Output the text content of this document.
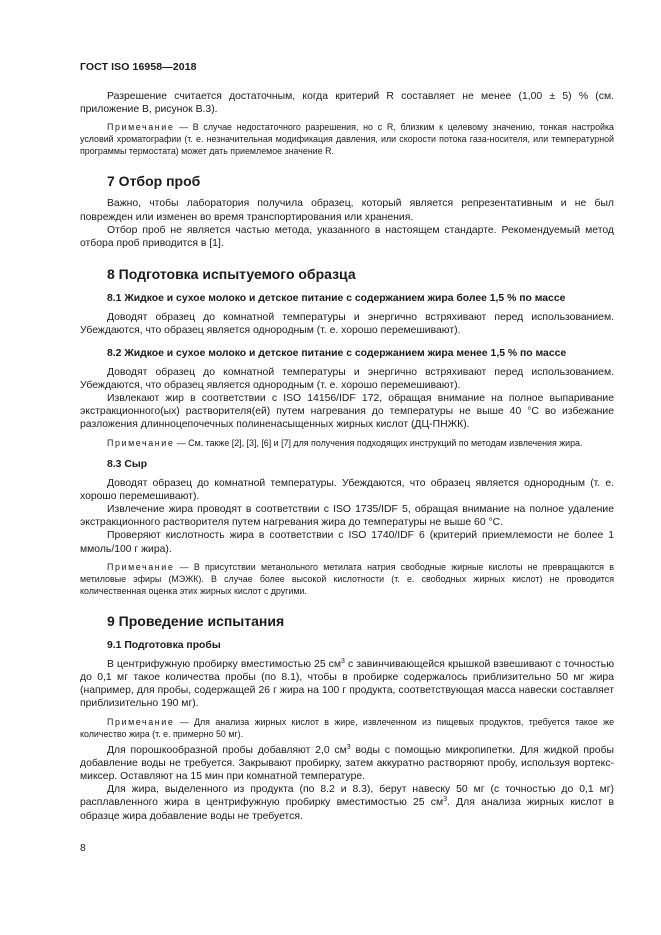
ГОСТ ISO 16958—2018

Разрешение считается достаточным, когда критерий R составляет не менее (1,00 ± 5) % (см. приложение В, рисунок В.3).

Примечание — В случае недостаточного разрешения, но с R, близким к целевому значению, тонкая настройка условий хроматографии (т. е. незначительная модификация давления, или скорости потока газа-носителя, или температурной программы термостата) может дать приемлемое значение R.

7 Отбор проб

Важно, чтобы лаборатория получила образец, который является репрезентативным и не был поврежден или изменен во время транспортирования или хранения.

Отбор проб не является частью метода, указанного в настоящем стандарте. Рекомендуемый метод отбора проб приводится в [1].

8 Подготовка испытуемого образца
8.1 Жидкое и сухое молоко и детское питание с содержанием жира более 1,5 % по массе

Доводят образец до комнатной температуры и энергично встряхивают перед использованием. Убеждаются, что образец является однородным (т. е. хорошо перемешивают).

8.2 Жидкое и сухое молоко и детское питание с содержанием жира менее 1,5 % по массе

Доводят образец до комнатной температуры и энергично встряхивают перед использованием. Убеждаются, что образец является однородным (т. е. хорошо перемешивают).

Извлекают жир в соответствии с ISO 14156/IDF 172, обращая внимание на полное выпаривание экстракционного(ых) растворителя(ей) путем нагревания до температуры не выше 40 °С во избежание разложения длинноцепочечных полиненасыщенных жирных кислот (ДЦ-ПНЖК).

Примечание — См. также [2], [3], [6] и [7] для получения подходящих инструкций по методам извлечения жира.

8.3 Сыр

Доводят образец до комнатной температуры. Убеждаются, что образец является однородным (т. е. хорошо перемешивают).

Извлечение жира проводят в соответствии с ISO 1735/IDF 5, обращая внимание на полное удаление экстракционного растворителя путем нагревания жира до температуры не выше 60 °С.

Проверяют кислотность жира в соответствии с ISO 1740/IDF 6 (критерий приемлемости не более 1 ммоль/100 г жира).

Примечание — В присутствии метанольного метилата натрия свободные жирные кислоты не превращаются в метиловые эфиры (МЭЖК). В случае более высокой кислотности (т. е. свободных жирных кислот) не проводится количественная оценка этих жирных кислот с другими.

9 Проведение испытания
9.1 Подготовка пробы

В центрифужную пробирку вместимостью 25 $см^3$ с завинчивающейся крышкой взвешивают с точностью до 0,1 мг такое количества пробы (по 8.1), чтобы в пробирке содержалось приблизительно 50 мг жира (например, для пробы, содержащей 26 г жира на 100 г продукта, соответствующая масса навески составляет приблизительно 190 мг).

Примечание — Для анализа жирных кислот в жире, извлеченном из пищевых продуктов, требуется такое же количество жира (т. е. примерно 50 мг).

Для порошкообразной пробы добавляют 2,0 $см^3$ воды с помощью микропипетки. Для жидкой пробы добавление воды не требуется. Закрывают пробирку, затем аккуратно растворяют пробу, используя вортекс-миксер. Оставляют на 15 мин при комнатной температуре.

Для жира, выделенного из продукта (по 8.2 и 8.3), берут навеску 50 мг (с точностью до 0,1 мг) расплавленного жира в центрифужную пробирку вместимостью 25 $см^3$. Для анализа жирных кислот в образце жира добавление воды не требуется.

8
